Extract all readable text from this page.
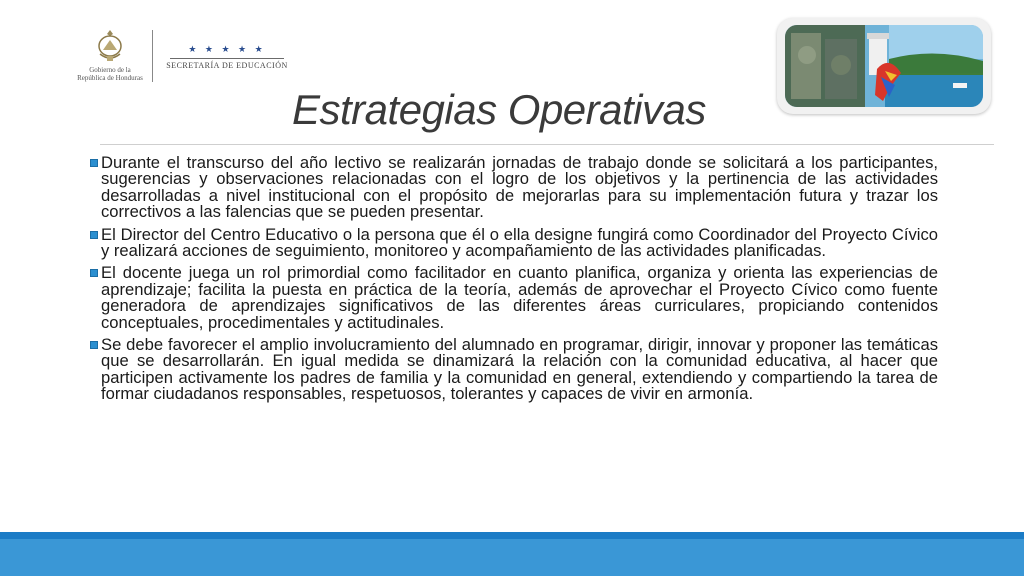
Gobierno de la
República de Honduras
★ ★ ★ ★ ★
SECRETARÍA DE EDUCACIÓN
Estrategias Operativas
Durante el transcurso del año lectivo se realizarán jornadas de trabajo donde se solicitará a los participantes, sugerencias y observaciones relacionadas con el logro de los objetivos y la pertinencia de las actividades desarrolladas a nivel institucional con el propósito de mejorarlas para su implementación futura y trazar los correctivos a las falencias que se pueden presentar.
El Director del Centro Educativo o la persona que él o ella designe fungirá como Coordinador del Proyecto Cívico y realizará acciones de seguimiento, monitoreo y acompañamiento de las actividades planificadas.
El docente juega un rol primordial como facilitador en cuanto planifica, organiza y orienta las experiencias de aprendizaje; facilita la puesta en práctica de la teoría, además de aprovechar el Proyecto Cívico como fuente generadora de aprendizajes significativos de las diferentes áreas curriculares, propiciando contenidos conceptuales, procedimentales y actitudinales.
Se debe favorecer el amplio involucramiento del alumnado en programar, dirigir, innovar y proponer las temáticas que se desarrollarán. En igual medida se dinamizará la relación con la comunidad educativa, al hacer que participen activamente los padres de familia y la comunidad en general, extendiendo y compartiendo la tarea de formar ciudadanos responsables, respetuosos, tolerantes y capaces de vivir en armonía.
